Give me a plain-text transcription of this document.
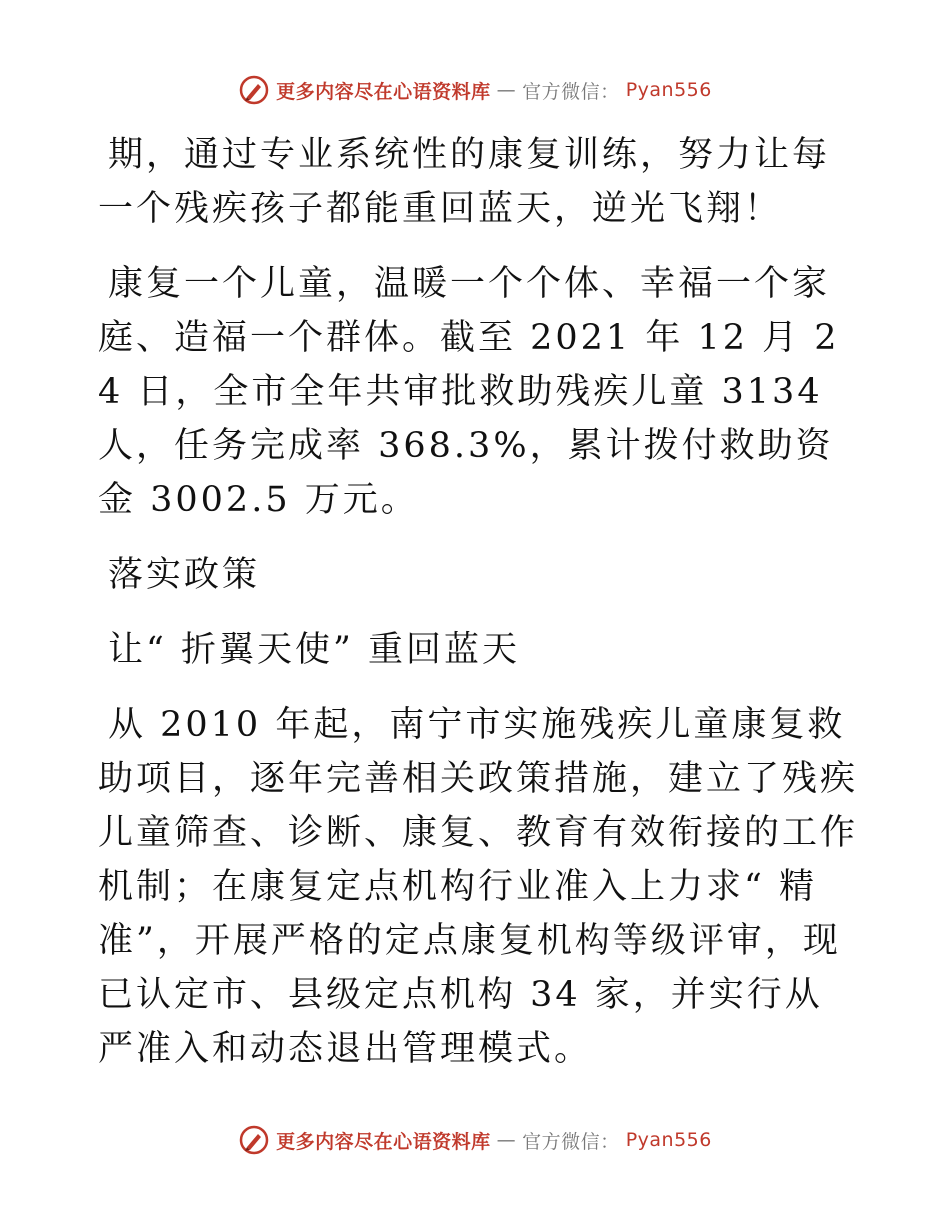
更多内容尽在心语资料库 — 官方微信： Pyan556

期，通过专业系统性的康复训练，努力让每一个残疾孩子都能重回蓝天，逆光飞翔！

康复一个儿童，温暖一个个体、幸福一个家庭、造福一个群体。截至 2021 年 12 月 24 日，全市全年共审批救助残疾儿童 3134 人，任务完成率 368.3%，累计拨付救助资金 3002.5 万元。

落实政策

让“ 折翼天使” 重回蓝天

从 2010 年起，南宁市实施残疾儿童康复救助项目，逐年完善相关政策措施，建立了残疾儿童筛查、诊断、康复、教育有效衔接的工作机制；在康复定点机构行业准入上力求“ 精准”，开展严格的定点康复机构等级评审，现已认定市、县级定点机构 34 家，并实行从严准入和动态退出管理模式。

更多内容尽在心语资料库 — 官方微信： Pyan556
